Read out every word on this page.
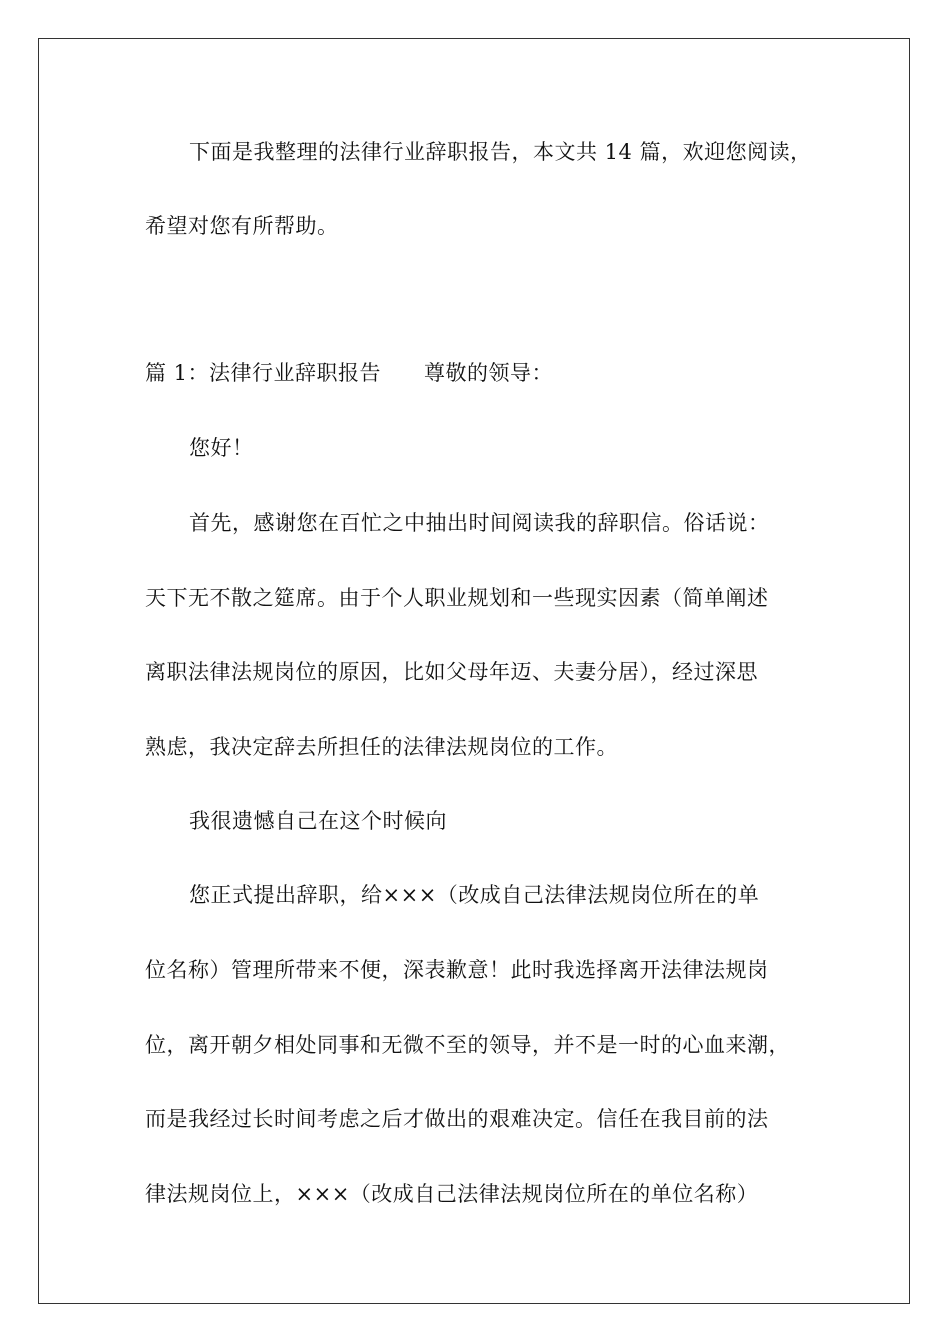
下面是我整理的法律行业辞职报告，本文共 14 篇，欢迎您阅读，
希望对您有所帮助。
篇 1：法律行业辞职报告　　尊敬的领导：
您好！
首先，感谢您在百忙之中抽出时间阅读我的辞职信。俗话说：
天下无不散之筵席。由于个人职业规划和一些现实因素（简单阐述
离职法律法规岗位的原因，比如父母年迈、夫妻分居），经过深思
熟虑，我决定辞去所担任的法律法规岗位的工作。
我很遗憾自己在这个时候向
您正式提出辞职，给×××（改成自己法律法规岗位所在的单
位名称）管理所带来不便，深表歉意！此时我选择离开法律法规岗
位，离开朝夕相处同事和无微不至的领导，并不是一时的心血来潮，
而是我经过长时间考虑之后才做出的艰难决定。信任在我目前的法
律法规岗位上，×××（改成自己法律法规岗位所在的单位名称）
